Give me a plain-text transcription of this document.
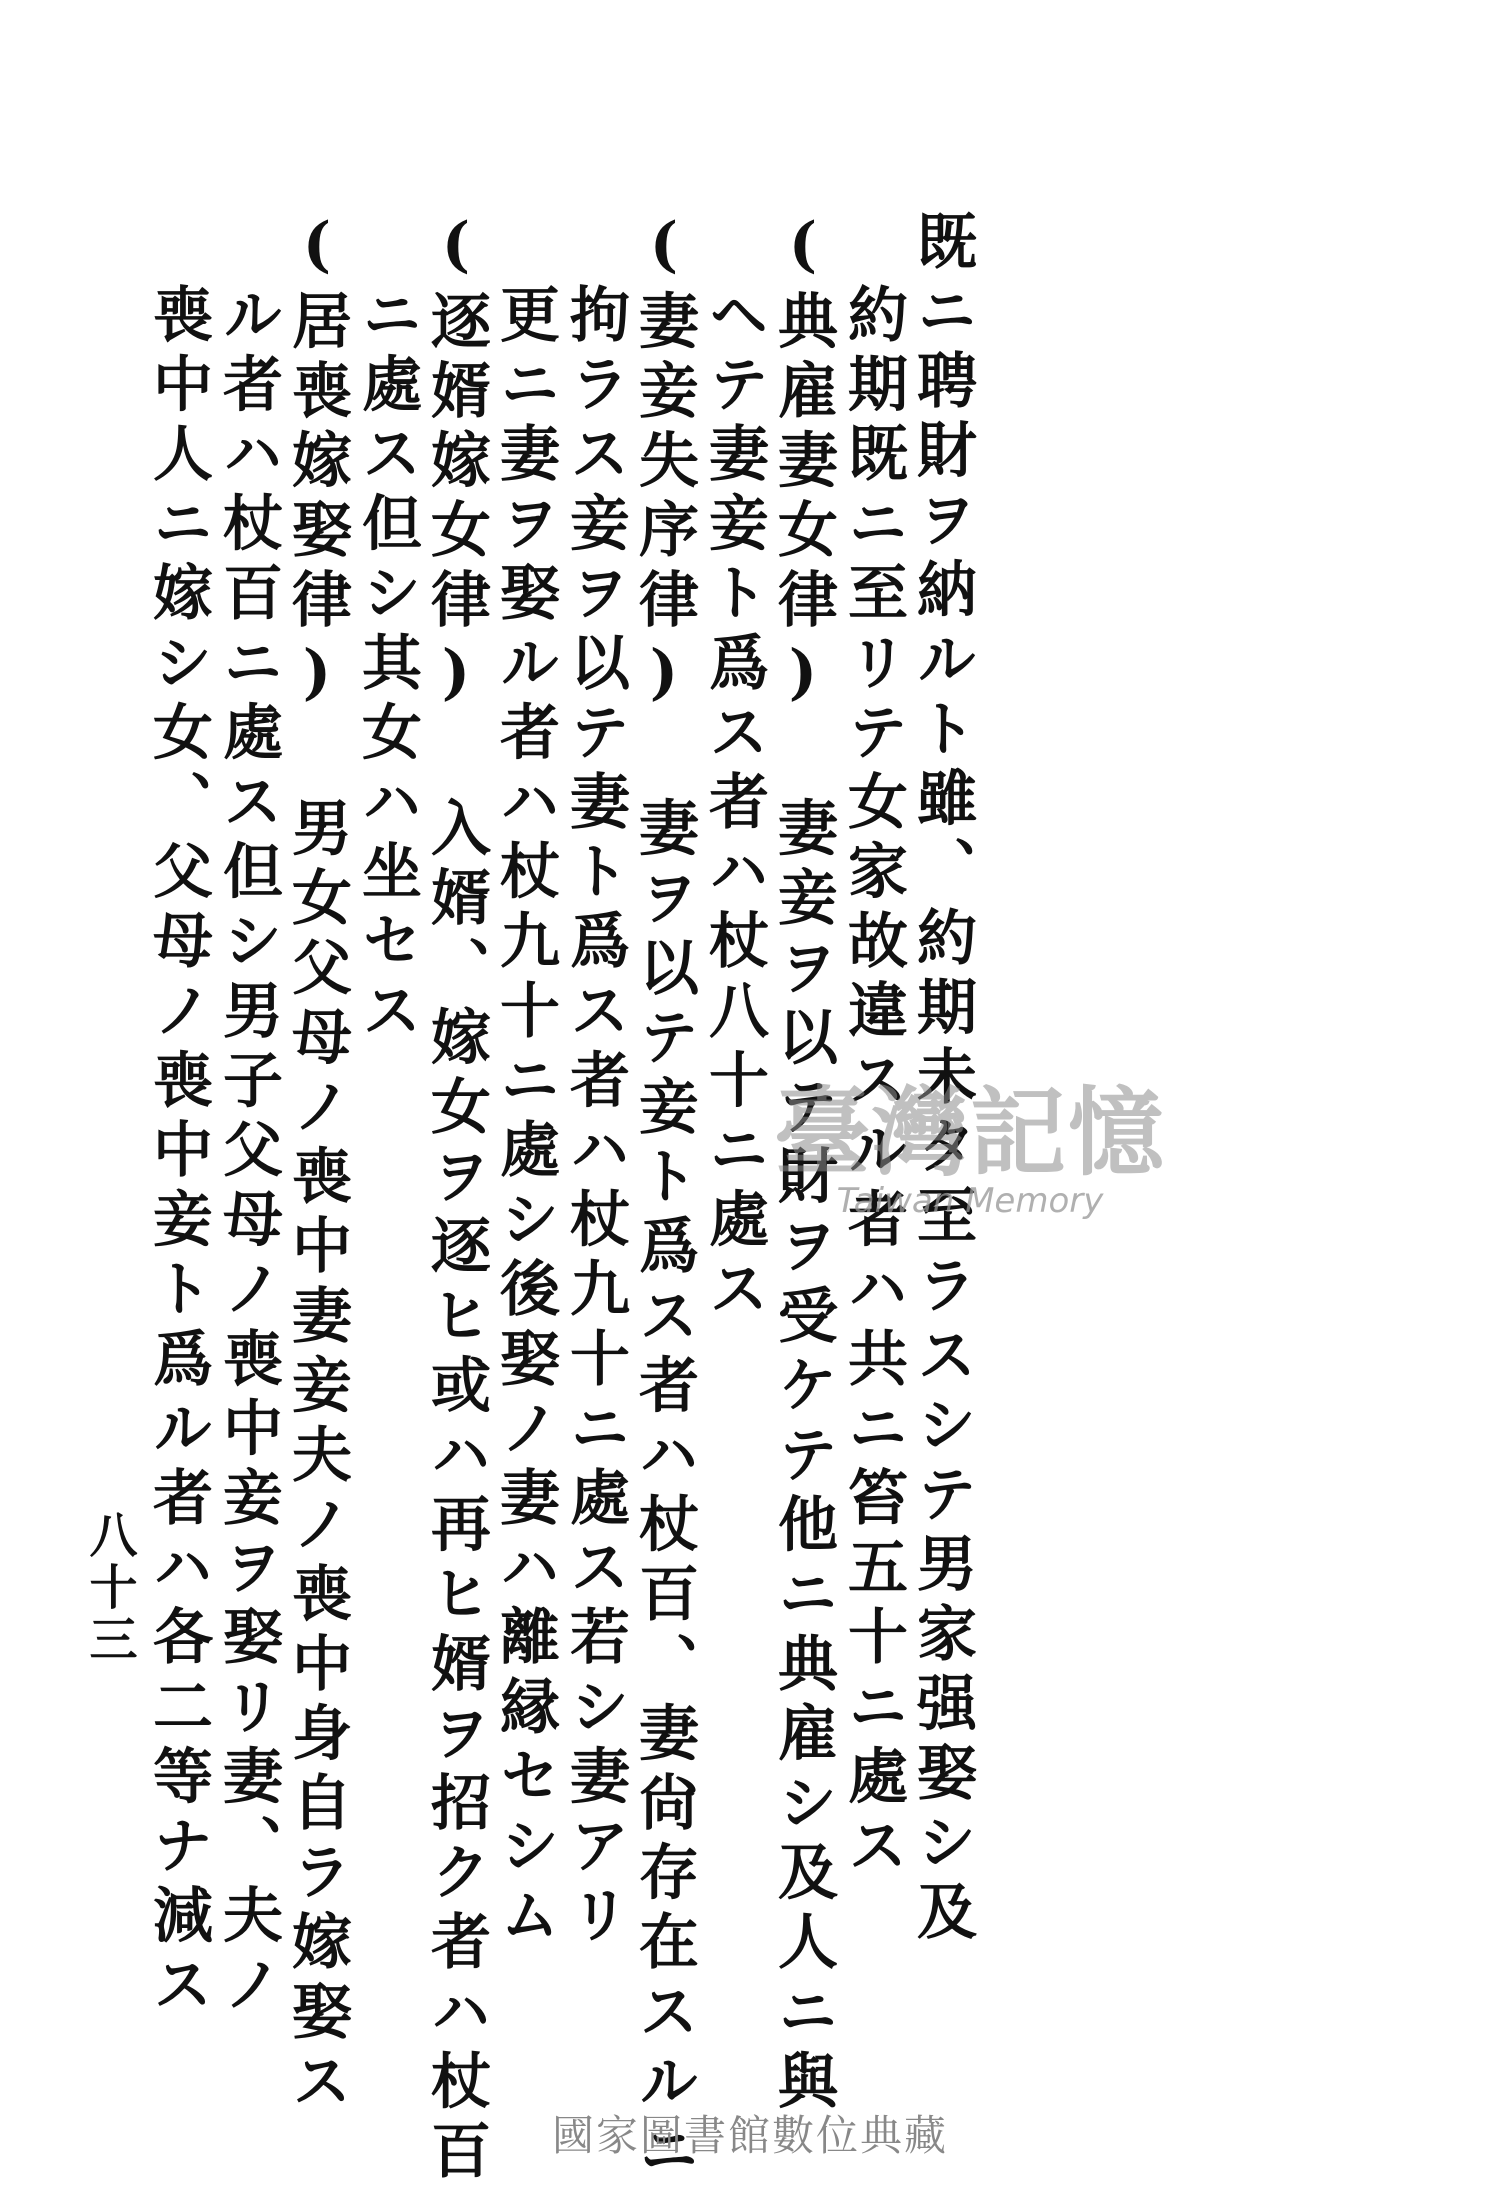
既ニ聘財ヲ納ルト雖、約期未タ至ラスシテ男家强娶シ及
約期既ニ至リテ女家故違スル者ハ共ニ笞五十ニ處ス
(典雇妻女律) 妻妾ヲ以テ財ヲ受ケテ他ニ典雇シ及人ニ與
ヘテ妻妾ト爲ス者ハ杖八十ニ處ス
(妻妾失序律) 妻ヲ以テ妾ト爲ス者ハ杖百、妻尙存在スルニ
拘ラス妾ヲ以テ妻ト爲ス者ハ杖九十ニ處ス若シ妻アリ
更ニ妻ヲ娶ル者ハ杖九十ニ處シ後娶ノ妻ハ離縁セシム
(逐婿嫁女律) 入婿、嫁女ヲ逐ヒ或ハ再ヒ婿ヲ招ク者ハ杖百
ニ處ス但シ其女ハ坐セス
(居喪嫁娶律) 男女父母ノ喪中妻妾夫ノ喪中身自ラ嫁娶ス
ル者ハ杖百ニ處ス但シ男子父母ノ喪中妾ヲ娶リ妻、夫ノ
喪中人ニ嫁シ女、父母ノ喪中妾ト爲ル者ハ各二等ナ減ス
八十三
臺灣記憶
Taiwan Memory
國家圖書館數位典藏
